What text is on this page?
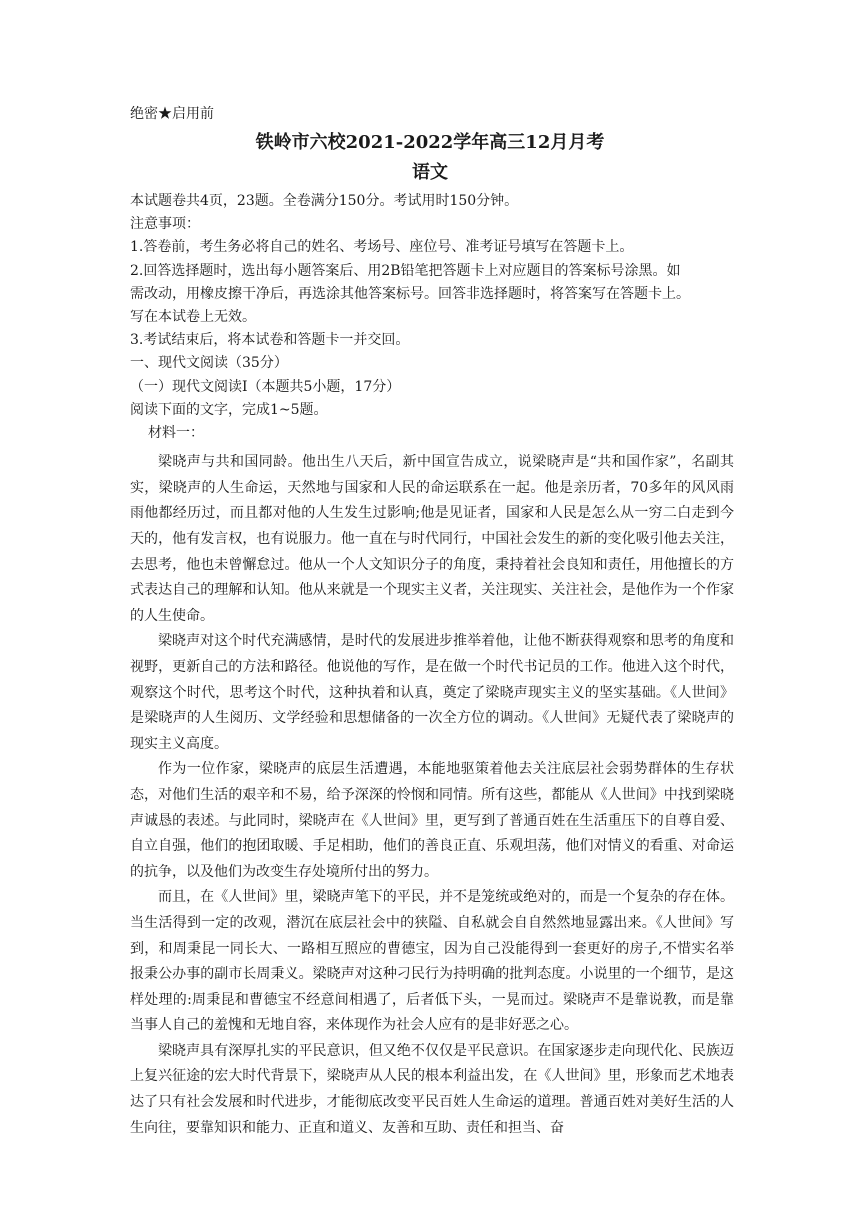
绝密★启用前
铁岭市六校2021-2022学年高三12月月考
语文

本试题卷共4页，23题。全卷满分150分。考试用时150分钟。

注意事项：

1.答卷前，考生务必将自己的姓名、考场号、座位号、准考证号填写在答题卡上。

2.回答选择题时，选出每小题答案后、用2B铅笔把答题卡上对应题目的答案标号涂黑。如

需改动，用橡皮擦干净后，再选涂其他答案标号。回答非选择题时，将答案写在答题卡上。

写在本试卷上无效。

3.考试结束后，将本试卷和答题卡一并交回。

一、现代文阅读（35分）

（一）现代文阅读Ⅰ（本题共5小题，17分）

阅读下面的文字，完成1~5题。

材料一：

梁晓声与共和国同龄。他出生八天后，新中国宣告成立，说梁晓声是“共和国作家”，名副其实，梁晓声的人生命运，天然地与国家和人民的命运联系在一起。他是亲历者，70多年的风风雨雨他都经历过，而且都对他的人生发生过影响;他是见证者，国家和人民是怎么从一穷二白走到今天的，他有发言权，也有说服力。他一直在与时代同行，中国社会发生的新的变化吸引他去关注，去思考，他也未曾懈怠过。他从一个人文知识分子的角度，秉持着社会良知和责任，用他擅长的方式表达自己的理解和认知。他从来就是一个现实主义者，关注现实、关注社会，是他作为一个作家的人生使命。

梁晓声对这个时代充满感情，是时代的发展进步推举着他，让他不断获得观察和思考的角度和视野，更新自己的方法和路径。他说他的写作，是在做一个时代书记员的工作。他进入这个时代，观察这个时代，思考这个时代，这种执着和认真，奠定了梁晓声现实主义的坚实基础。《人世间》是梁晓声的人生阅历、文学经验和思想储备的一次全方位的调动。《人世间》无疑代表了梁晓声的现实主义高度。

作为一位作家，梁晓声的底层生活遭遇，本能地驱策着他去关注底层社会弱势群体的生存状态，对他们生活的艰辛和不易，给予深深的怜悯和同情。所有这些，都能从《人世间》中找到梁晓声诚恳的表述。与此同时，梁晓声在《人世间》里，更写到了普通百姓在生活重压下的自尊自爱、自立自强，他们的抱团取暖、手足相助，他们的善良正直、乐观坦荡，他们对情义的看重、对命运的抗争，以及他们为改变生存处境所付出的努力。

而且，在《人世间》里，梁晓声笔下的平民，并不是笼统或绝对的，而是一个复杂的存在体。当生活得到一定的改观，潜沉在底层社会中的狭隘、自私就会自自然然地显露出来。《人世间》写到，和周秉昆一同长大、一路相互照应的曹德宝，因为自己没能得到一套更好的房子,不惜实名举报秉公办事的副市长周秉义。梁晓声对这种刁民行为持明确的批判态度。小说里的一个细节，是这样处理的:周秉昆和曹德宝不经意间相遇了，后者低下头，一晃而过。梁晓声不是靠说教，而是靠当事人自己的羞愧和无地自容，来体现作为社会人应有的是非好恶之心。

梁晓声具有深厚扎实的平民意识，但又绝不仅仅是平民意识。在国家逐步走向现代化、民族迈上复兴征途的宏大时代背景下，梁晓声从人民的根本利益出发，在《人世间》里，形象而艺术地表达了只有社会发展和时代进步，才能彻底改变平民百姓人生命运的道理。普通百姓对美好生活的人生向往，要靠知识和能力、正直和道义、友善和互助、责任和担当、奋
